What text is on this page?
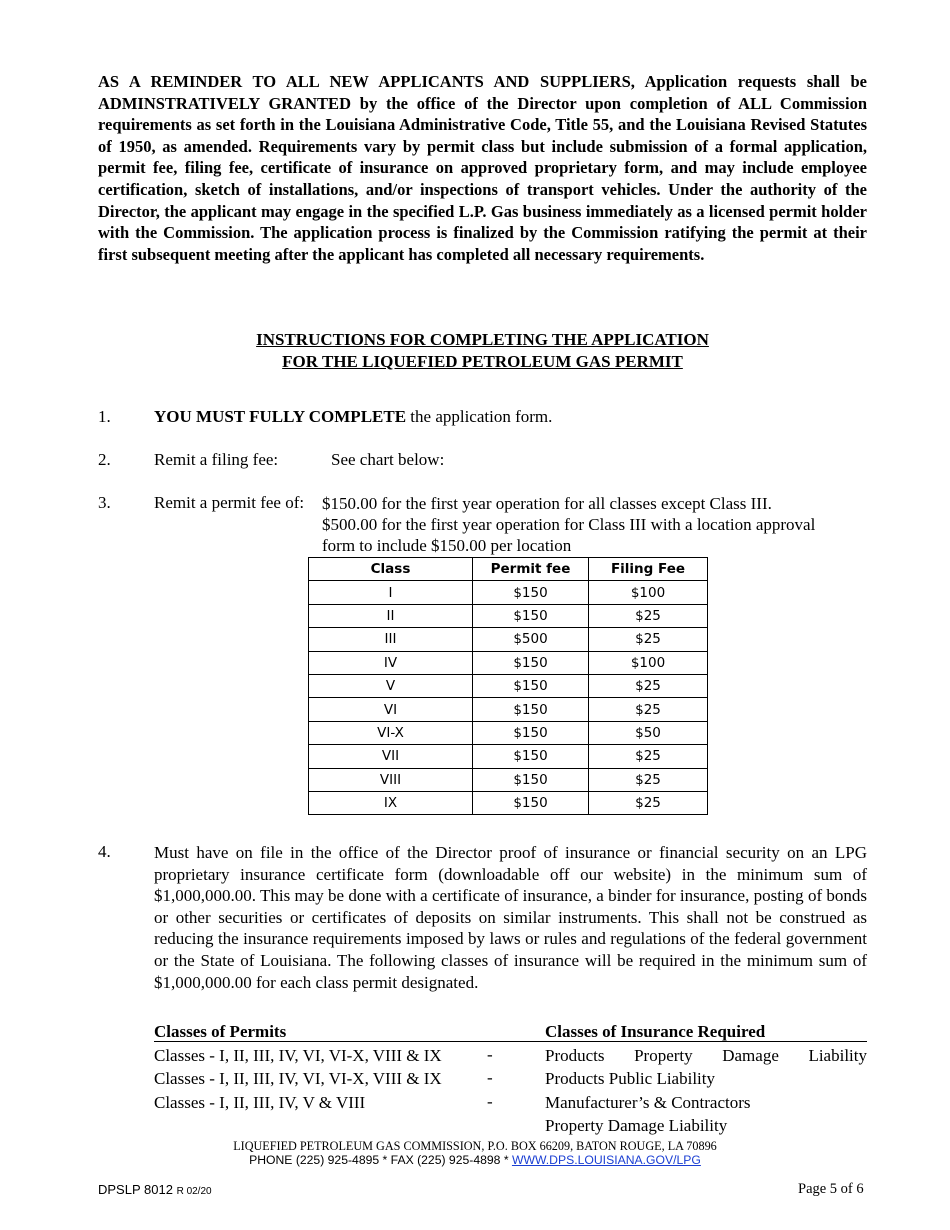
AS A REMINDER TO ALL NEW APPLICANTS AND SUPPLIERS, Application requests shall be ADMINSTRATIVELY GRANTED by the office of the Director upon completion of ALL Commission requirements as set forth in the Louisiana Administrative Code, Title 55, and the Louisiana Revised Statutes of 1950, as amended. Requirements vary by permit class but include submission of a formal application, permit fee, filing fee, certificate of insurance on approved proprietary form, and may include employee certification, sketch of installations, and/or inspections of transport vehicles. Under the authority of the Director, the applicant may engage in the specified L.P. Gas business immediately as a licensed permit holder with the Commission. The application process is finalized by the Commission ratifying the permit at their first subsequent meeting after the applicant has completed all necessary requirements.

INSTRUCTIONS FOR COMPLETING THE APPLICATION
FOR THE LIQUEFIED PETROLEUM GAS PERMIT
1.	YOU MUST FULLY COMPLETE the application form.
2.	Remit a filing fee:	See chart below:
3.	Remit a permit fee of: $150.00 for the first year operation for all classes except Class III.
$500.00 for the first year operation for Class III with a location approval
form to include $150.00 per location
Class	Permit fee	Filing Fee
I	$150	$100
II	$150	$25
III	$500	$25
IV	$150	$100
V	$150	$25
VI	$150	$25
VI-X	$150	$50
VII	$150	$25
VIII	$150	$25
IX	$150	$25
4.	Must have on file in the office of the Director proof of insurance or financial security on an LPG proprietary insurance certificate form (downloadable off our website) in the minimum sum of $1,000,000.00. This may be done with a certificate of insurance, a binder for insurance, posting of bonds or other securities or certificates of deposits on similar instruments. This shall not be construed as reducing the insurance requirements imposed by laws or rules and regulations of the federal government or the State of Louisiana. The following classes of insurance will be required in the minimum sum of $1,000,000.00 for each class permit designated.

Classes of Permits	Classes of Insurance Required
Classes - I, II, III, IV, VI, VI-X, VIII & IX	-	Products Property Damage Liability
Classes - I, II, III, IV, VI, VI-X, VIII & IX	-	Products Public Liability
Classes - I, II, III, IV, V & VIII	-	Manufacturer’s & Contractors
Property Damage Liability
LIQUEFIED PETROLEUM GAS COMMISSION, P.O. BOX 66209, BATON ROUGE, LA 70896
PHONE (225) 925-4895 * FAX (225) 925-4898 * WWW.DPS.LOUISIANA.GOV/LPG
DPSLP 8012 R 02/20	Page 5 of 6
